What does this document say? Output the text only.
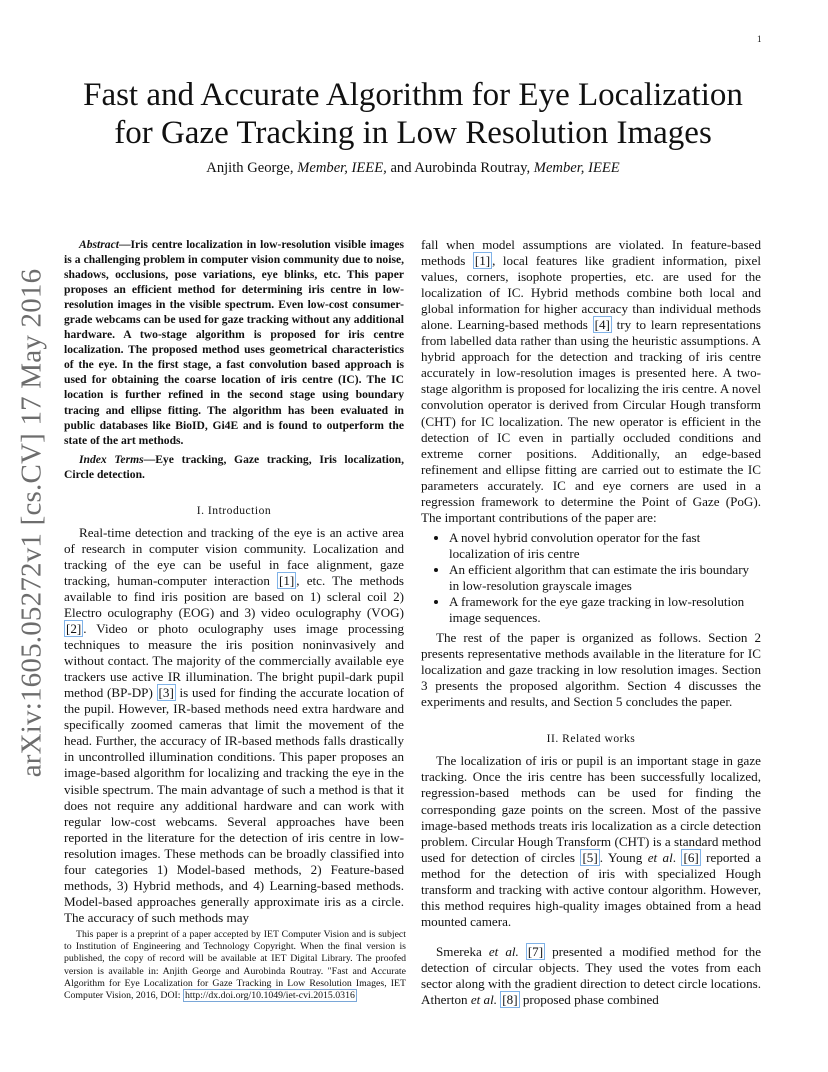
1
arXiv:1605.05272v1 [cs.CV] 17 May 2016
Fast and Accurate Algorithm for Eye Localization
for Gaze Tracking in Low Resolution Images
Anjith George, Member, IEEE, and Aurobinda Routray, Member, IEEE

Abstract—Iris centre localization in low-resolution visible images is a challenging problem in computer vision community due to noise, shadows, occlusions, pose variations, eye blinks, etc. This paper proposes an efficient method for determining iris centre in low-resolution images in the visible spectrum. Even low-cost consumer-grade webcams can be used for gaze tracking without any additional hardware. A two-stage algorithm is proposed for iris centre localization. The proposed method uses geometrical characteristics of the eye. In the first stage, a fast convolution based approach is used for obtaining the coarse location of iris centre (IC). The IC location is further refined in the second stage using boundary tracing and ellipse fitting. The algorithm has been evaluated in public databases like BioID, Gi4E and is found to outperform the state of the art methods.

Index Terms—Eye tracking, Gaze tracking, Iris localization, Circle detection.

I. Introduction

Real-time detection and tracking of the eye is an active area of research in computer vision community. Localization and tracking of the eye can be useful in face alignment, gaze tracking, human-computer interaction [1] , etc. The methods available to find iris position are based on 1) scleral coil 2) Electro oculography (EOG) and 3) video oculography (VOG) [2] . Video or photo oculography uses image processing techniques to measure the iris position noninvasively and without contact. The majority of the commercially available eye trackers use active IR illumination. The bright pupil-dark pupil method (BP-DP) [3] is used for finding the accurate location of the pupil. However, IR-based methods need extra hardware and specifically zoomed cameras that limit the movement of the head. Further, the accuracy of IR-based methods falls drastically in uncontrolled illumination conditions. This paper proposes an image-based algorithm for localizing and tracking the eye in the visible spectrum. The main advantage of such a method is that it does not require any additional hardware and can work with regular low-cost webcams. Several approaches have been reported in the literature for the detection of iris centre in low-resolution images. These methods can be broadly classified into four categories 1) Model-based methods, 2) Feature-based methods, 3) Hybrid methods, and 4) Learning-based methods. Model-based approaches generally approximate iris as a circle. The accuracy of such methods may

fall when model assumptions are violated. In feature-based methods [1] , local features like gradient information, pixel values, corners, isophote properties, etc. are used for the localization of IC. Hybrid methods combine both local and global information for higher accuracy than individual methods alone. Learning-based methods [4] try to learn representations from labelled data rather than using the heuristic assumptions. A hybrid approach for the detection and tracking of iris centre accurately in low-resolution images is presented here. A two-stage algorithm is proposed for localizing the iris centre. A novel convolution operator is derived from Circular Hough transform (CHT) for IC localization. The new operator is efficient in the detection of IC even in partially occluded conditions and extreme corner positions. Additionally, an edge-based refinement and ellipse fitting are carried out to estimate the IC parameters accurately. IC and eye corners are used in a regression framework to determine the Point of Gaze (PoG). The important contributions of the paper are:

• A novel hybrid convolution operator for the fast localization of iris centre
• An efficient algorithm that can estimate the iris boundary in low-resolution grayscale images
• A framework for the eye gaze tracking in low-resolution image sequences.

The rest of the paper is organized as follows. Section 2 presents representative methods available in the literature for IC localization and gaze tracking in low resolution images. Section 3 presents the proposed algorithm. Section 4 discusses the experiments and results, and Section 5 concludes the paper.

II. Related works

The localization of iris or pupil is an important stage in gaze tracking. Once the iris centre has been successfully localized, regression-based methods can be used for finding the corresponding gaze points on the screen. Most of the passive image-based methods treats iris localization as a circle detection problem. Circular Hough Transform (CHT) is a standard method used for detection of circles [5] . Young et al. [6] reported a method for the detection of iris with specialized Hough transform and tracking with active contour algorithm. However, this method requires high-quality images obtained from a head mounted camera.

Smereka et al. [7] presented a modified method for the detection of circular objects. They used the votes from each sector along with the gradient direction to detect circle locations. Atherton et al. [8] proposed phase combined

This paper is a preprint of a paper accepted by IET Computer Vision and is subject to Institution of Engineering and Technology Copyright. When the final version is published, the copy of record will be available at IET Digital Library. The proofed version is available in: Anjith George and Aurobinda Routray. "Fast and Accurate Algorithm for Eye Localization for Gaze Tracking in Low Resolution Images, IET Computer Vision, 2016, DOI: http://dx.doi.org/10.1049/iet-cvi.2015.0316
